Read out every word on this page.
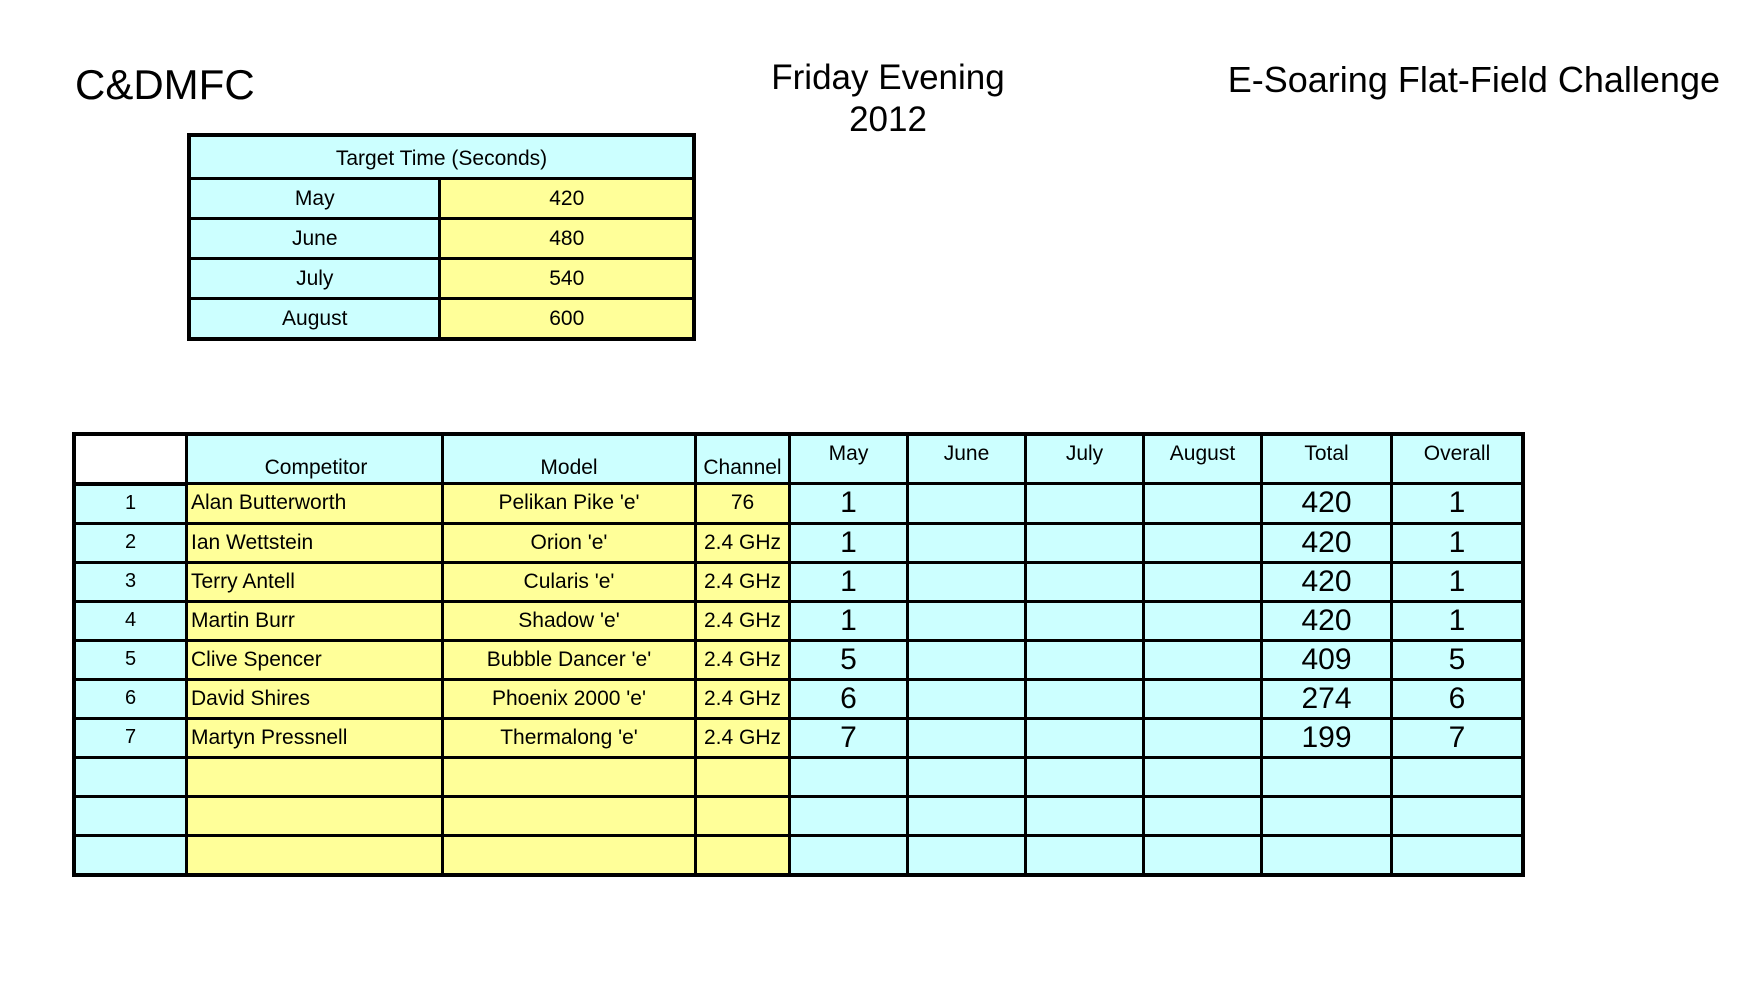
C&DMFC	Friday Evening
2012
E-Soaring Flat-Field Challenge
Target Time (Seconds)	
May	420
June	480
July	540
August	600
	Competitor	Model	Channel	May	June	July	August	Total	Overall
1	Alan Butterworth	Pelikan Pike 'e'	76	1				420	1
2	Ian Wettstein	Orion 'e'	2.4 GHz	1				420	1
3	Terry Antell	Cularis 'e'	2.4 GHz	1				420	1
4	Martin Burr	Shadow 'e'	2.4 GHz	1				420	1
5	Clive Spencer	Bubble Dancer 'e'	2.4 GHz	5				409	5
6	David Shires	Phoenix 2000 'e'	2.4 GHz	6				274	6
7	Martyn Pressnell	Thermalong 'e'	2.4 GHz	7				199	7
